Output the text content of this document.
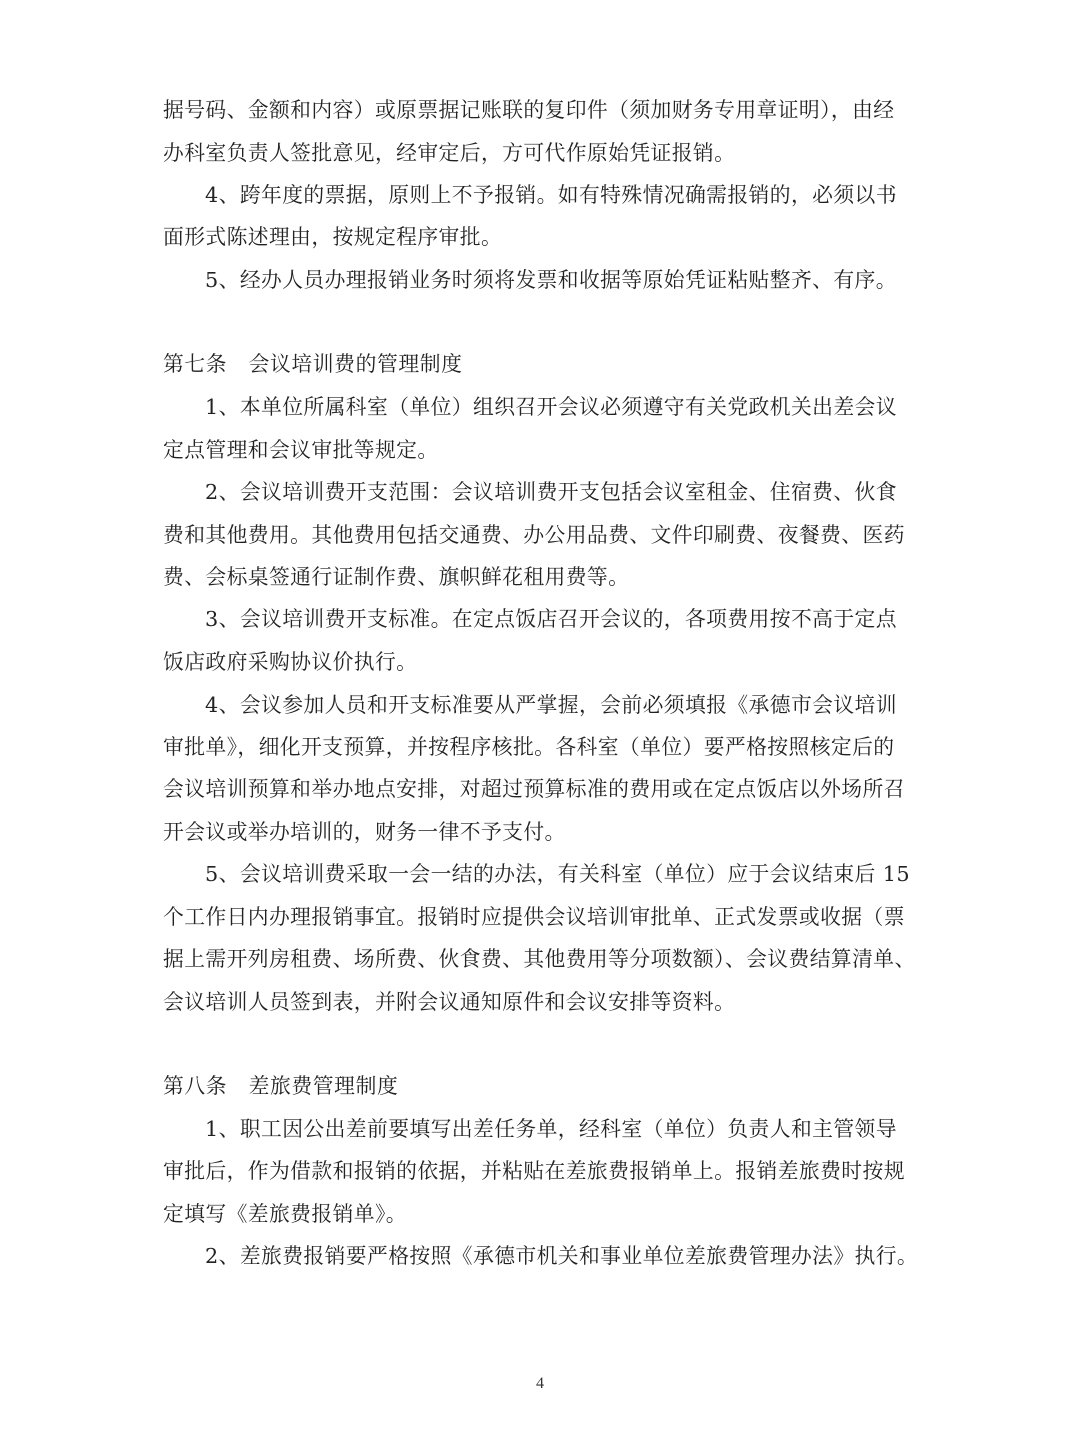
据号码、金额和内容）或原票据记账联的复印件（须加财务专用章证明），由经
办科室负责人签批意见，经审定后，方可代作原始凭证报销。
4、跨年度的票据，原则上不予报销。如有特殊情况确需报销的，必须以书
面形式陈述理由，按规定程序审批。
5、经办人员办理报销业务时须将发票和收据等原始凭证粘贴整齐、有序。
第七条　会议培训费的管理制度
1、本单位所属科室（单位）组织召开会议必须遵守有关党政机关出差会议
定点管理和会议审批等规定。
2、会议培训费开支范围：会议培训费开支包括会议室租金、住宿费、伙食
费和其他费用。其他费用包括交通费、办公用品费、文件印刷费、夜餐费、医药
费、会标桌签通行证制作费、旗帜鲜花租用费等。
3、会议培训费开支标准。在定点饭店召开会议的，各项费用按不高于定点
饭店政府采购协议价执行。
4、会议参加人员和开支标准要从严掌握，会前必须填报《承德市会议培训
审批单》，细化开支预算，并按程序核批。各科室（单位）要严格按照核定后的
会议培训预算和举办地点安排，对超过预算标准的费用或在定点饭店以外场所召
开会议或举办培训的，财务一律不予支付。
5、会议培训费采取一会一结的办法，有关科室（单位）应于会议结束后 15
个工作日内办理报销事宜。报销时应提供会议培训审批单、正式发票或收据（票
据上需开列房租费、场所费、伙食费、其他费用等分项数额）、会议费结算清单、
会议培训人员签到表，并附会议通知原件和会议安排等资料。
第八条　差旅费管理制度
1、职工因公出差前要填写出差任务单，经科室（单位）负责人和主管领导
审批后，作为借款和报销的依据，并粘贴在差旅费报销单上。报销差旅费时按规
定填写《差旅费报销单》。
2、差旅费报销要严格按照《承德市机关和事业单位差旅费管理办法》执行。
4
